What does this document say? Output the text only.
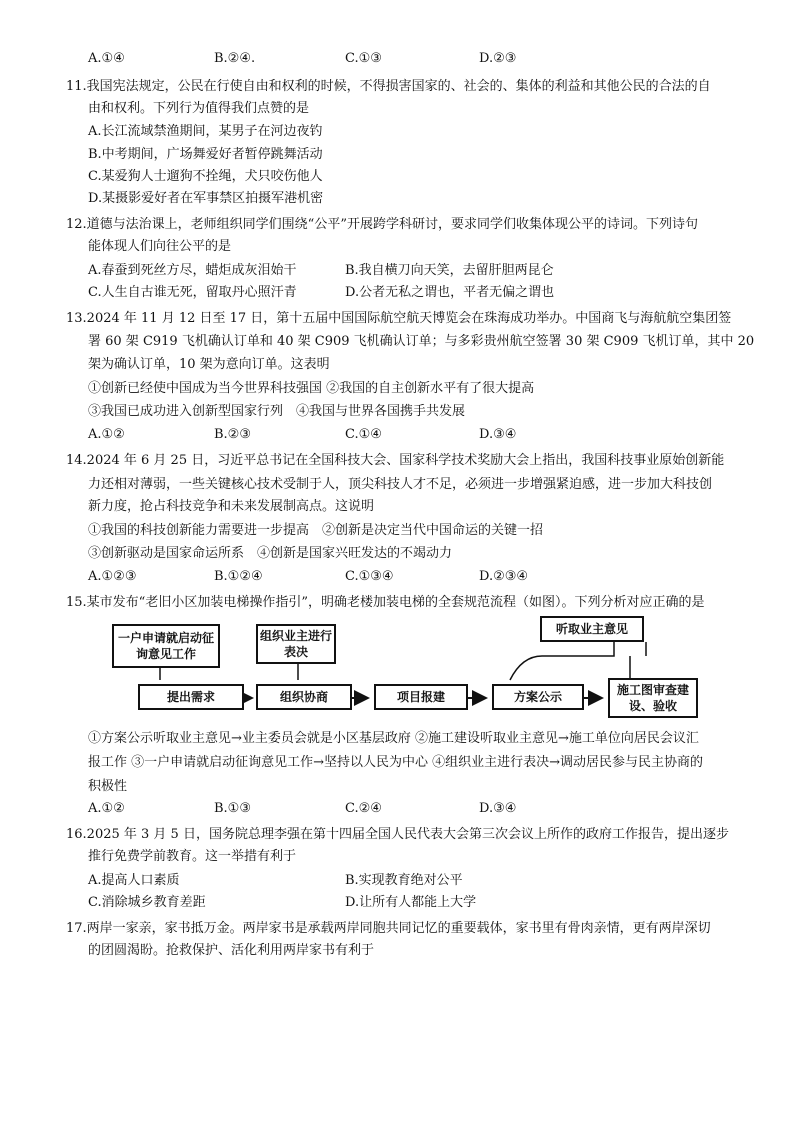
A.①④	B.②④.	C.①③	D.②③
11.我国宪法规定，公民在行使自由和权利的时候，不得损害国家的、社会的、集体的利益和其他公民的合法的自
由和权利。下列行为值得我们点赞的是
A.长江流域禁渔期间，某男子在河边夜钓
B.中考期间，广场舞爱好者暂停跳舞活动
C.某爱狗人士遛狗不拴绳，犬只咬伤他人
D.某摄影爱好者在军事禁区拍摄军港机密
12.道德与法治课上，老师组织同学们围绕“公平”开展跨学科研讨，要求同学们收集体现公平的诗词。下列诗句
能体现人们向往公平的是
A.春蚕到死丝方尽，蜡炬成灰泪始干	B.我自横刀向天笑，去留肝胆两昆仑
C.人生自古谁无死，留取丹心照汗青	D.公者无私之谓也，平者无偏之谓也
13.2024 年 11 月 12 日至 17 日，第十五届中国国际航空航天博览会在珠海成功举办。中国商飞与海航航空集团签
署 60 架 C919 飞机确认订单和 40 架 C909 飞机确认订单；与多彩贵州航空签署 30 架 C909 飞机订单，其中 20
架为确认订单，10 架为意向订单。这表明
①创新已经使中国成为当今世界科技强国 ②我国的自主创新水平有了很大提高
③我国已成功进入创新型国家行列　④我国与世界各国携手共发展
A.①②	B.②③	C.①④	D.③④
14.2024 年 6 月 25 日，习近平总书记在全国科技大会、国家科学技术奖励大会上指出，我国科技事业原始创新能
力还相对薄弱，一些关键核心技术受制于人，顶尖科技人才不足，必须进一步增强紧迫感，进一步加大科技创
新力度，抢占科技竞争和未来发展制高点。这说明
①我国的科技创新能力需要进一步提高　②创新是决定当代中国命运的关键一招
③创新驱动是国家命运所系　④创新是国家兴旺发达的不竭动力
A.①②③	B.①②④	C.①③④	D.②③④
15.某市发布“老旧小区加装电梯操作指引”，明确老楼加装电梯的全套规范流程（如图）。下列分析对应正确的是
一户申请就启动征询意见工作
组织业主进行表决
听取业主意见
提出需求	组织协商	项目报建	方案公示	施工图审查建设、验收
①方案公示听取业主意见→业主委员会就是小区基层政府 ②施工建设听取业主意见→施工单位向居民会议汇
报工作 ③一户申请就启动征询意见工作→坚持以人民为中心 ④组织业主进行表决→调动居民参与民主协商的
积极性
A.①②	B.①③	C.②④	D.③④
16.2025 年 3 月 5 日，国务院总理李强在第十四届全国人民代表大会第三次会议上所作的政府工作报告，提出逐步
推行免费学前教育。这一举措有利于
A.提高人口素质	B.实现教育绝对公平
C.消除城乡教育差距	D.让所有人都能上大学
17.两岸一家亲，家书抵万金。两岸家书是承载两岸同胞共同记忆的重要载体，家书里有骨肉亲情，更有两岸深切
的团圆渴盼。抢救保护、活化利用两岸家书有利于
